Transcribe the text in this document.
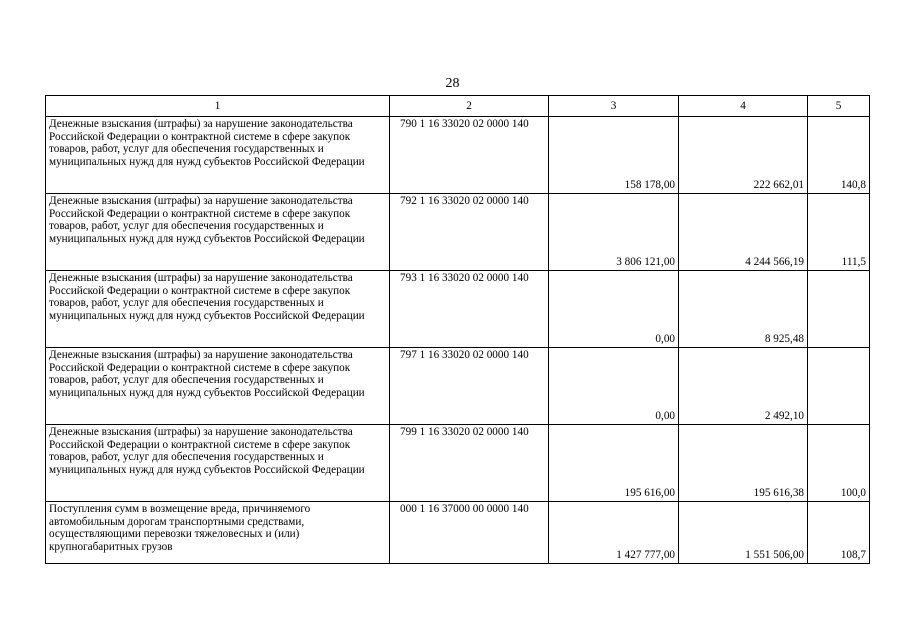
28
1	2	3	4	5
Денежные взыскания (штрафы) за нарушение законодательства Российской Федерации о контрактной системе в сфере закупок товаров, работ, услуг для обеспечения государственных и муниципальных нужд для нужд субъектов Российской Федерации	790 1 16 33020 02 0000 140	158 178,00	222 662,01	140,8
Денежные взыскания (штрафы) за нарушение законодательства Российской Федерации о контрактной системе в сфере закупок товаров, работ, услуг для обеспечения государственных и муниципальных нужд для нужд субъектов Российской Федерации	792 1 16 33020 02 0000 140	3 806 121,00	4 244 566,19	111,5
Денежные взыскания (штрафы) за нарушение законодательства Российской Федерации о контрактной системе в сфере закупок товаров, работ, услуг для обеспечения государственных и муниципальных нужд для нужд субъектов Российской Федерации	793 1 16 33020 02 0000 140	0,00	8 925,48	
Денежные взыскания (штрафы) за нарушение законодательства Российской Федерации о контрактной системе в сфере закупок товаров, работ, услуг для обеспечения государственных и муниципальных нужд для нужд субъектов Российской Федерации	797 1 16 33020 02 0000 140	0,00	2 492,10	
Денежные взыскания (штрафы) за нарушение законодательства Российской Федерации о контрактной системе в сфере закупок товаров, работ, услуг для обеспечения государственных и муниципальных нужд для нужд субъектов Российской Федерации	799 1 16 33020 02 0000 140	195 616,00	195 616,38	100,0
Поступления сумм в возмещение вреда, причиняемого автомобильным дорогам транспортными средствами, осуществляющими перевозки тяжеловесных и (или) крупногабаритных грузов	000 1 16 37000 00 0000 140	1 427 777,00	1 551 506,00	108,7
